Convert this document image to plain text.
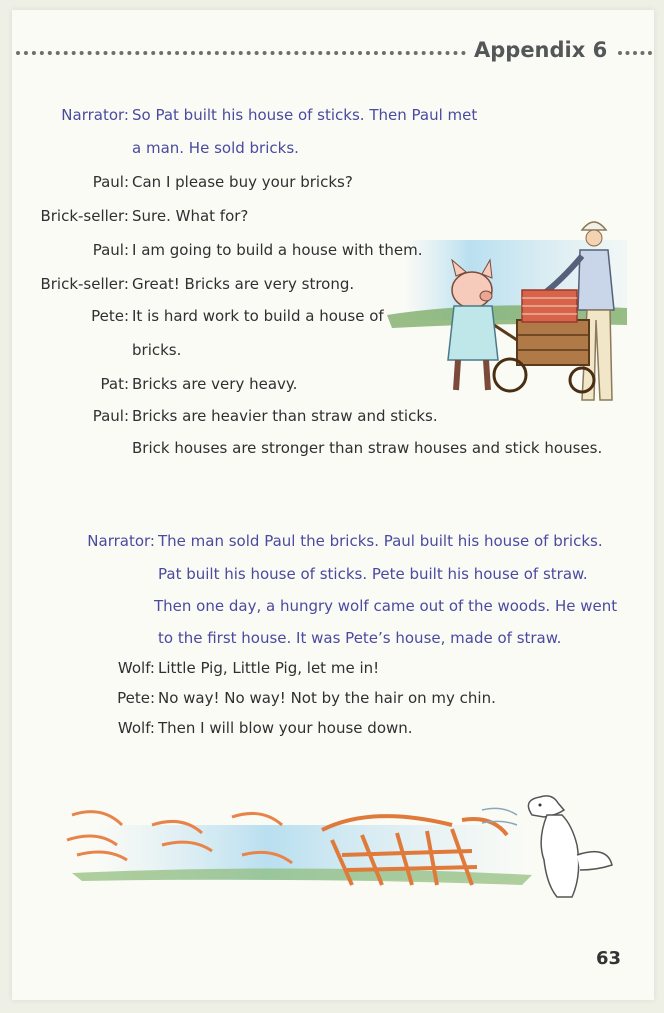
Appendix 6
Narrator: So Pat built his house of sticks. Then Paul met
a man. He sold bricks.
Paul: Can I please buy your bricks?
Brick-seller: Sure. What for?
Paul: I am going to build a house with them.
Brick-seller: Great! Bricks are very strong.
Pete: It is hard work to build a house of
bricks.
Pat: Bricks are very heavy.
Paul: Bricks are heavier than straw and sticks.
Brick houses are stronger than straw houses and stick houses.
Narrator: The man sold Paul the bricks. Paul built his house of bricks.
Pat built his house of sticks. Pete built his house of straw.
Then one day, a hungry wolf came out of the woods. He went
to the first house. It was Pete’s house, made of straw.
Wolf: Little Pig, Little Pig, let me in!
Pete: No way! No way! Not by the hair on my chin.
Wolf: Then I will blow your house down.
63
